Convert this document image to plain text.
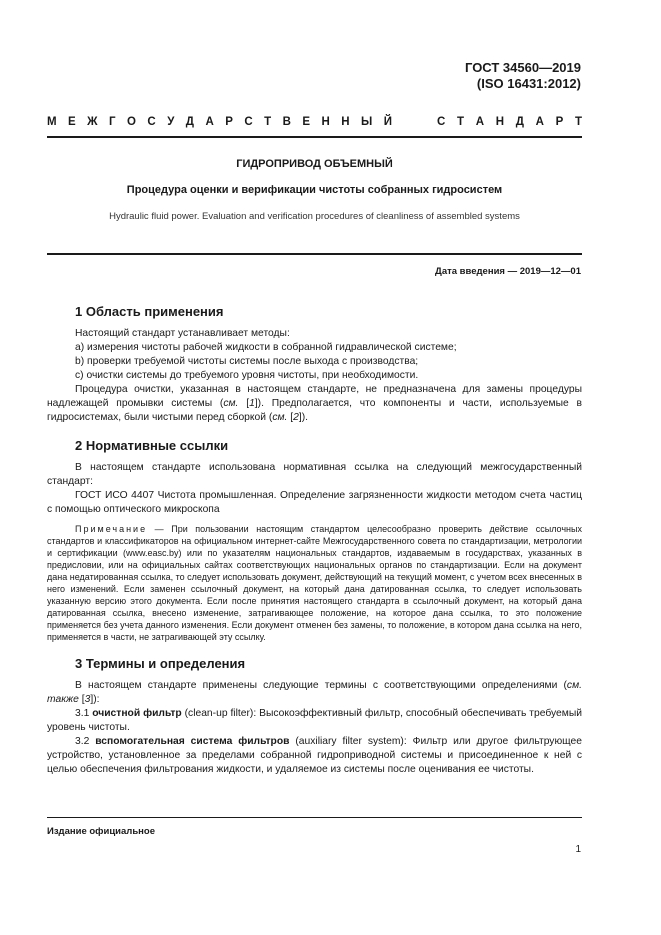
ГОСТ 34560—2019
(ISO 16431:2012)
М Е Ж Г О С У Д А Р С Т В Е Н Н Ы Й	С Т А Н Д А Р Т
ГИДРОПРИВОД ОБЪЕМНЫЙ
Процедура оценки и верификации чистоты собранных гидросистем
Hydraulic fluid power. Evaluation and verification procedures of cleanliness of assembled systems
Дата введения — 2019—12—01
1 Область применения

Настоящий стандарт устанавливает методы:

a) измерения чистоты рабочей жидкости в собранной гидравлической системе;

b) проверки требуемой чистоты системы после выхода с производства;

c) очистки системы до требуемого уровня чистоты, при необходимости.

Процедура очистки, указанная в настоящем стандарте, не предназначена для замены процедуры надлежащей промывки системы (см. [1]). Предполагается, что компоненты и части, используемые в гидросистемах, были чистыми перед сборкой (см. [2]).

2 Нормативные ссылки

В настоящем стандарте использована нормативная ссылка на следующий межгосударственный стандарт:

ГОСТ ИСО 4407 Чистота промышленная. Определение загрязненности жидкости методом счета частиц с помощью оптического микроскопа

Примечание — При пользовании настоящим стандартом целесообразно проверить действие ссылочных стандартов и классификаторов на официальном интернет-сайте Межгосударственного совета по стандартизации, метрологии и сертификации (www.easc.by) или по указателям национальных стандартов, издаваемым в государствах, указанных в предисловии, или на официальных сайтах соответствующих национальных органов по стандартизации. Если на документ дана недатированная ссылка, то следует использовать документ, действующий на текущий момент, с учетом всех внесенных в него изменений. Если заменен ссылочный документ, на который дана датированная ссылка, то следует использовать указанную версию этого документа. Если после принятия настоящего стандарта в ссылочный документ, на который дана датированная ссылка, внесено изменение, затрагивающее положение, на которое дана ссылка, то это положение применяется без учета данного изменения. Если документ отменен без замены, то положение, в котором дана ссылка на него, применяется в части, не затрагивающей эту ссылку.

3 Термины и определения

В настоящем стандарте применены следующие термины с соответствующими определениями (см. также [3]):

3.1 очистной фильтр (clean-up filter): Высокоэффективный фильтр, способный обеспечивать требуемый уровень чистоты.

3.2 вспомогательная система фильтров (auxiliary filter system): Фильтр или другое фильтрующее устройство, установленное за пределами собранной гидроприводной системы и присоединенное к ней с целью обеспечения фильтрования жидкости, и удаляемое из системы после оценивания ее чистоты.

Издание официальное
1
